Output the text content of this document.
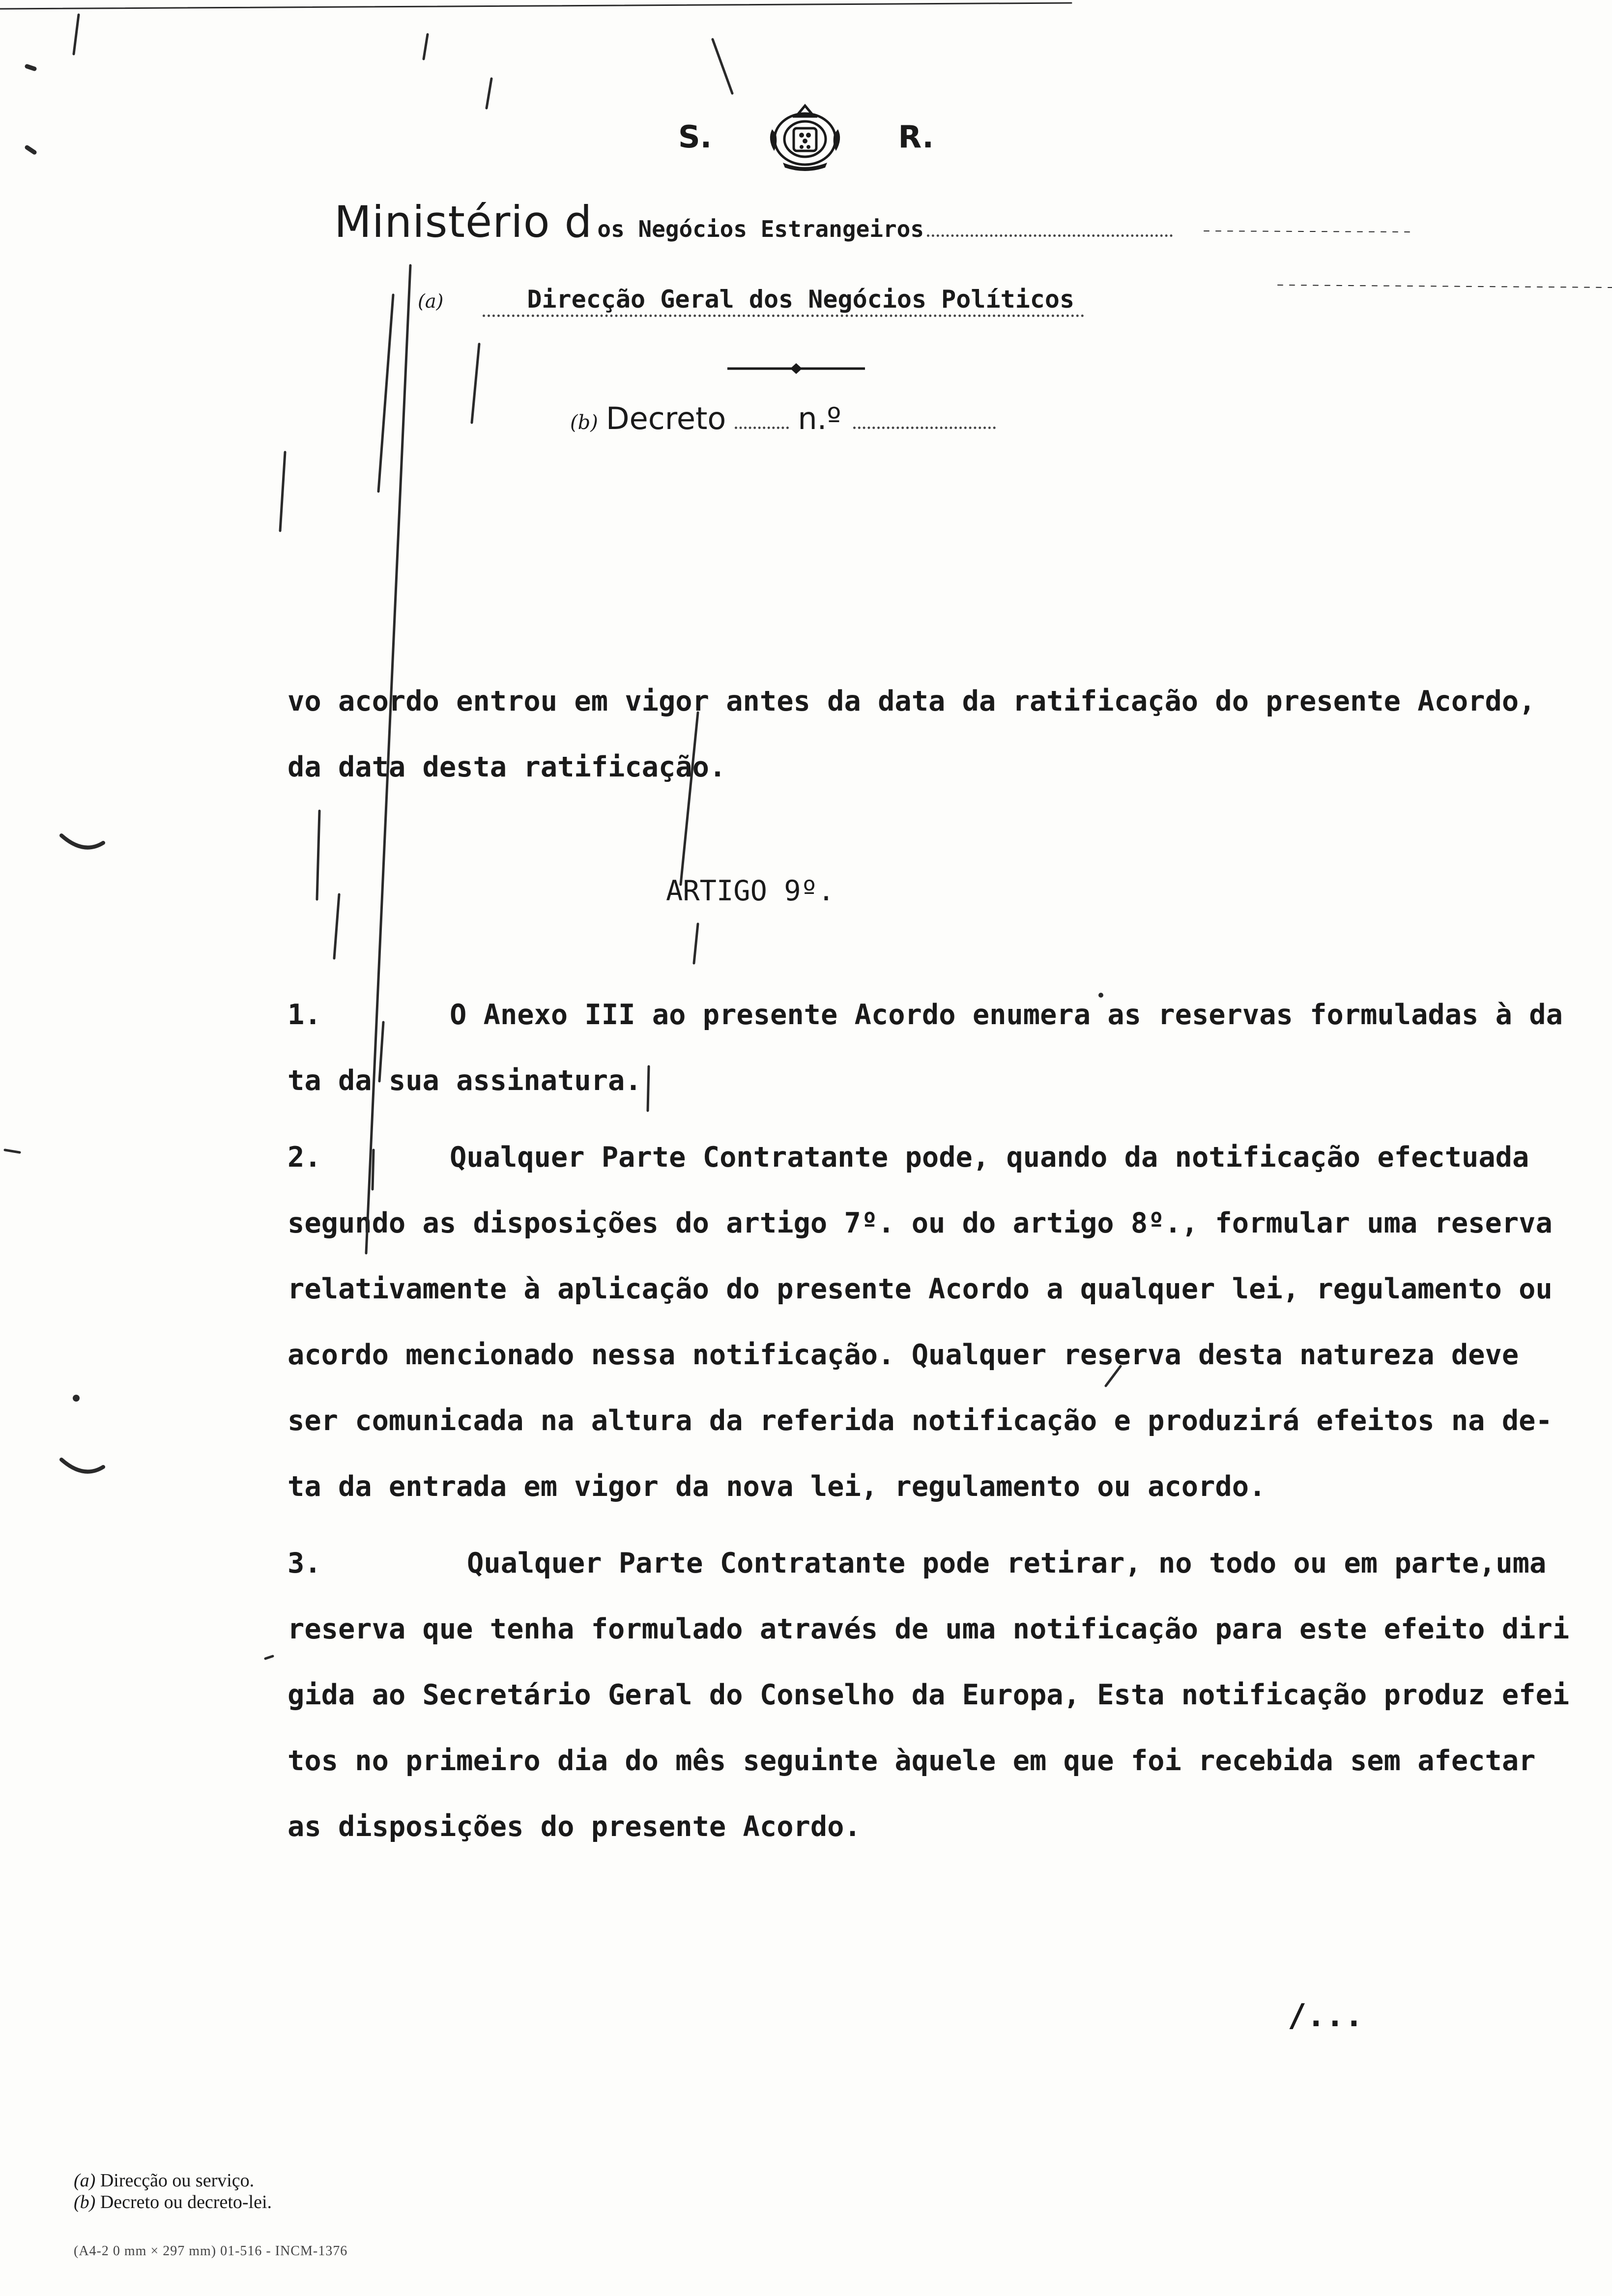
S.	R.
Ministério d os Negócios Estrangeiros
(a)	Direcção Geral dos Negócios Políticos
(b) Decreto n.º
vo acordo entrou em vigor antes da data da ratificação do presente Acordo,
da data desta ratificação.
ARTIGO 9º.
1.	O Anexo III ao presente Acordo enumera as reservas formuladas à da
ta da sua assinatura.
2.	Qualquer Parte Contratante pode, quando da notificação efectuada
segundo as disposições do artigo 7º. ou do artigo 8º., formular uma reserva
relativamente à aplicação do presente Acordo a qualquer lei, regulamento ou
acordo mencionado nessa notificação. Qualquer reserva desta natureza deve
ser comunicada na altura da referida notificação e produzirá efeitos na de-
ta da entrada em vigor da nova lei, regulamento ou acordo.
3.	Qualquer Parte Contratante pode retirar, no todo ou em parte,uma
reserva que tenha formulado através de uma notificação para este efeito diri
gida ao Secretário Geral do Conselho da Europa, Esta notificação produz efei
tos no primeiro dia do mês seguinte àquele em que foi recebida sem afectar
as disposições do presente Acordo.
/...
(a) Direcção ou serviço.
(b) Decreto ou decreto-lei.
(A4-2 0 mm × 297 mm) 01-516 - INCM-1376
